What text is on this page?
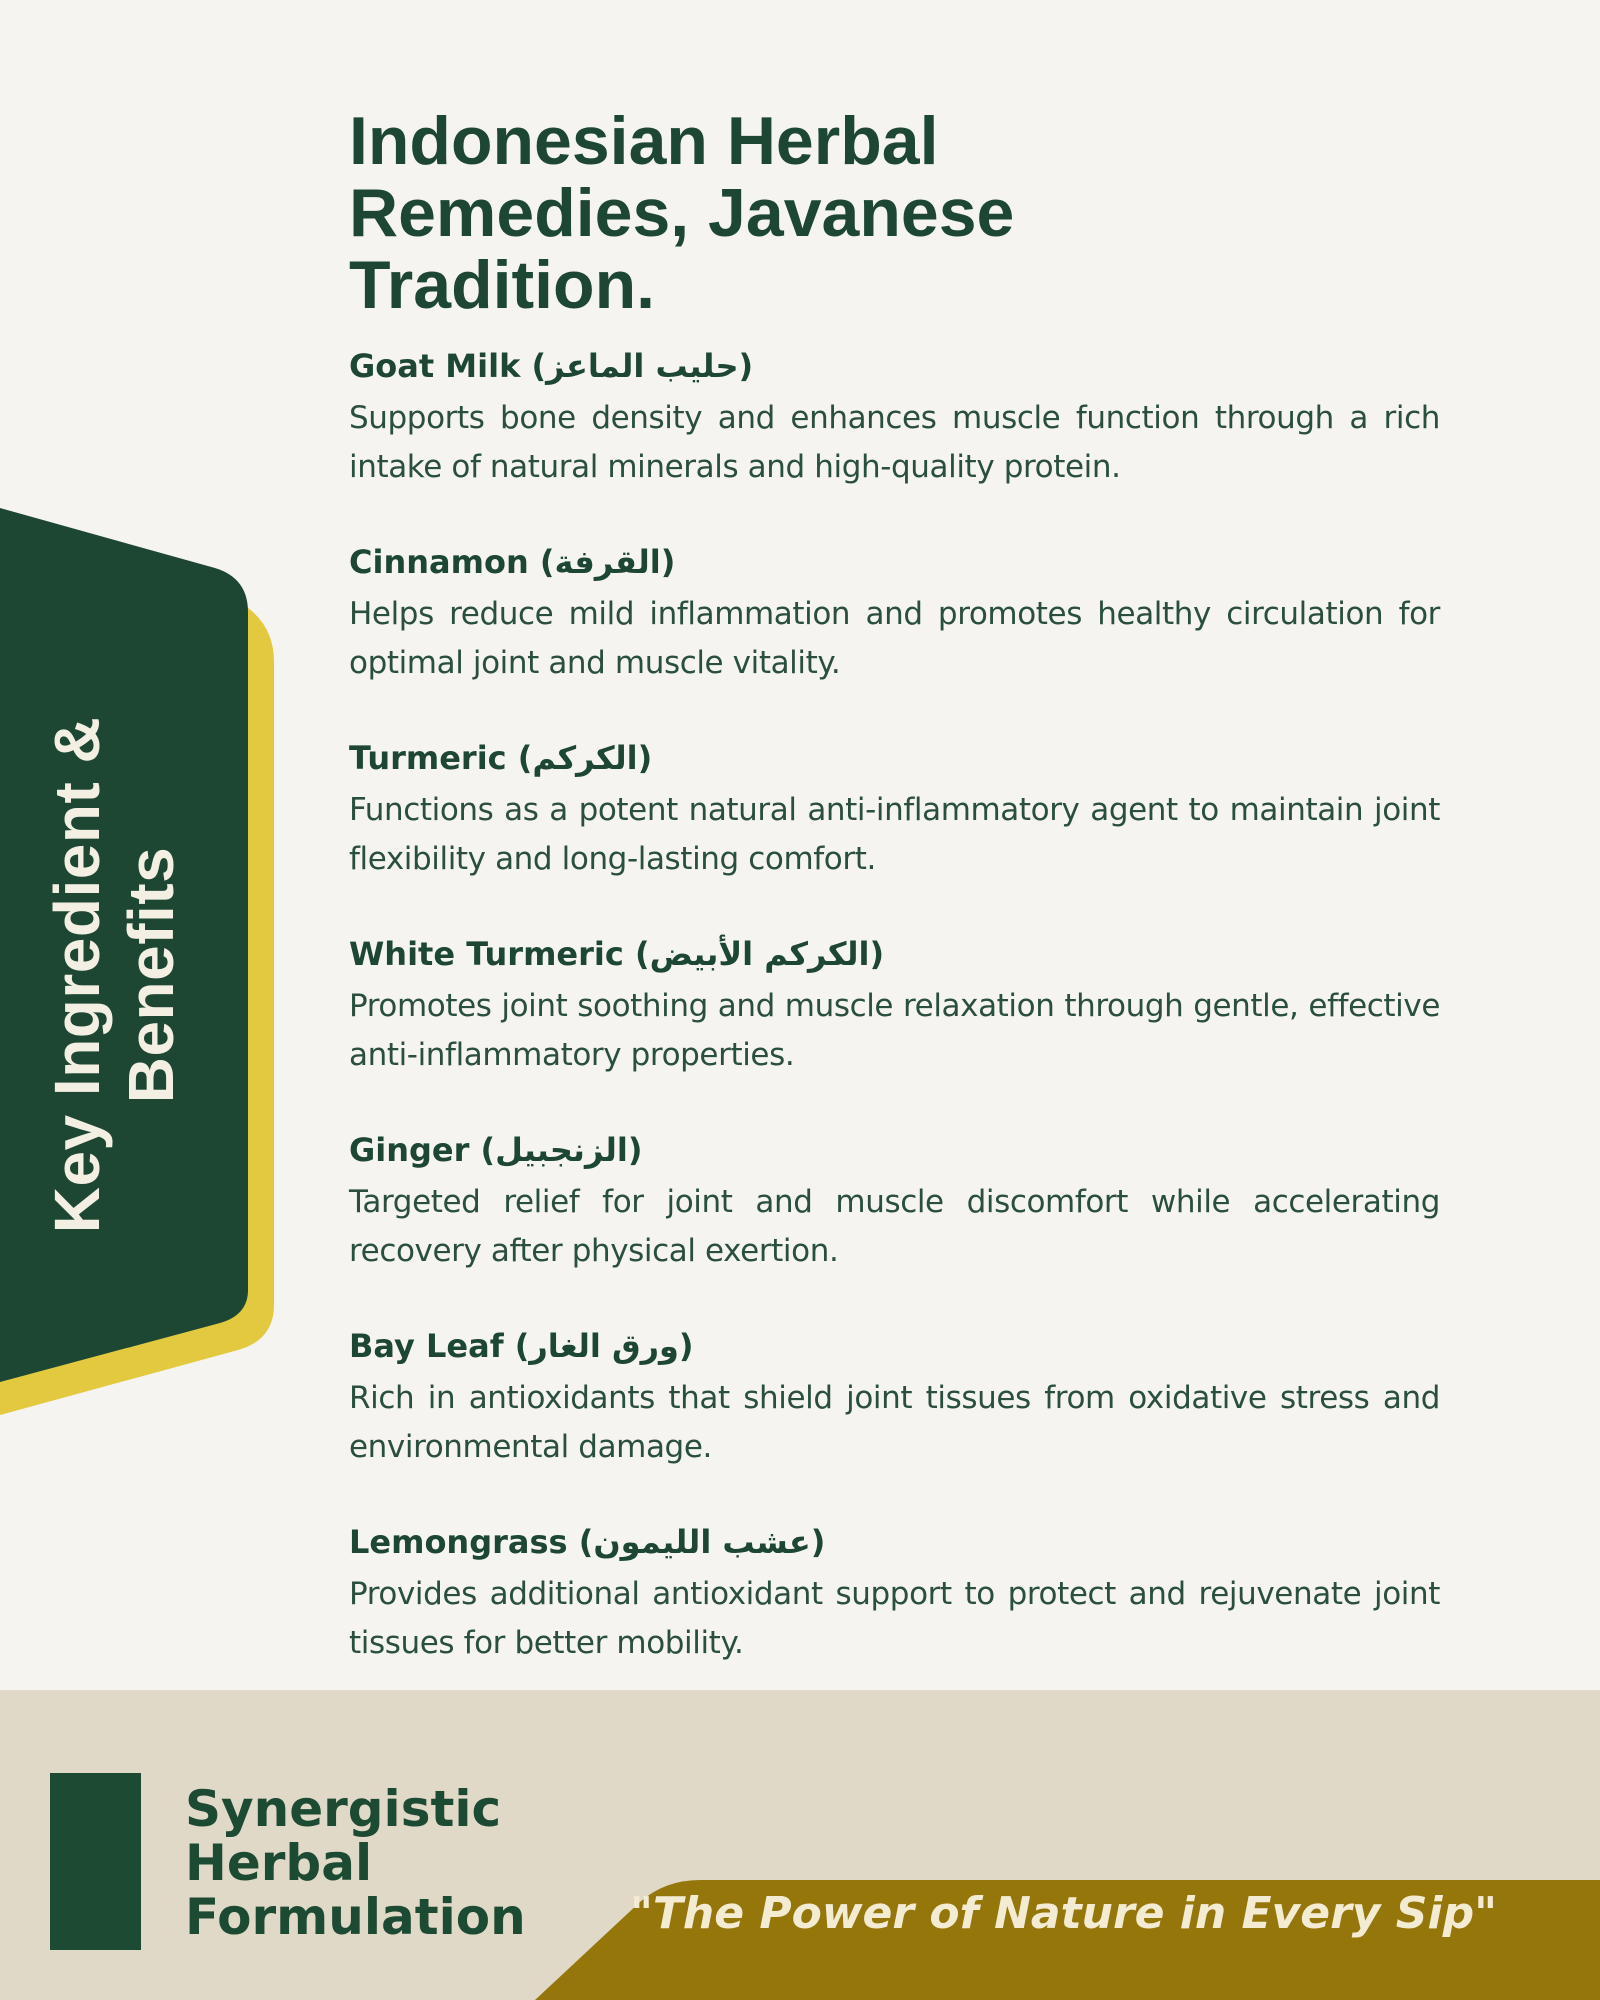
Key Ingredient & Benefits
Indonesian Herbal
Remedies, Javanese
Tradition.
Goat Milk (حليب الماعز)
Supports bone density and enhances muscle function through a rich intake of natural minerals and high-quality protein.
Cinnamon (القرفة)
Helps reduce mild inflammation and promotes healthy circulation for optimal joint and muscle vitality.
Turmeric (الكركم)
Functions as a potent natural anti-inflammatory agent to maintain joint flexibility and long-lasting comfort.
White Turmeric (الكركم الأبيض)
Promotes joint soothing and muscle relaxation through gentle, effective anti-inflammatory properties.
Ginger (الزنجبيل)
Targeted relief for joint and muscle discomfort while accelerating recovery after physical exertion.
Bay Leaf (ورق الغار)
Rich in antioxidants that shield joint tissues from oxidative stress and environmental damage.
Lemongrass (عشب الليمون)
Provides additional antioxidant support to protect and rejuvenate joint tissues for better mobility.
Synergistic
Herbal
Formulation "The Power of Nature in Every Sip"
